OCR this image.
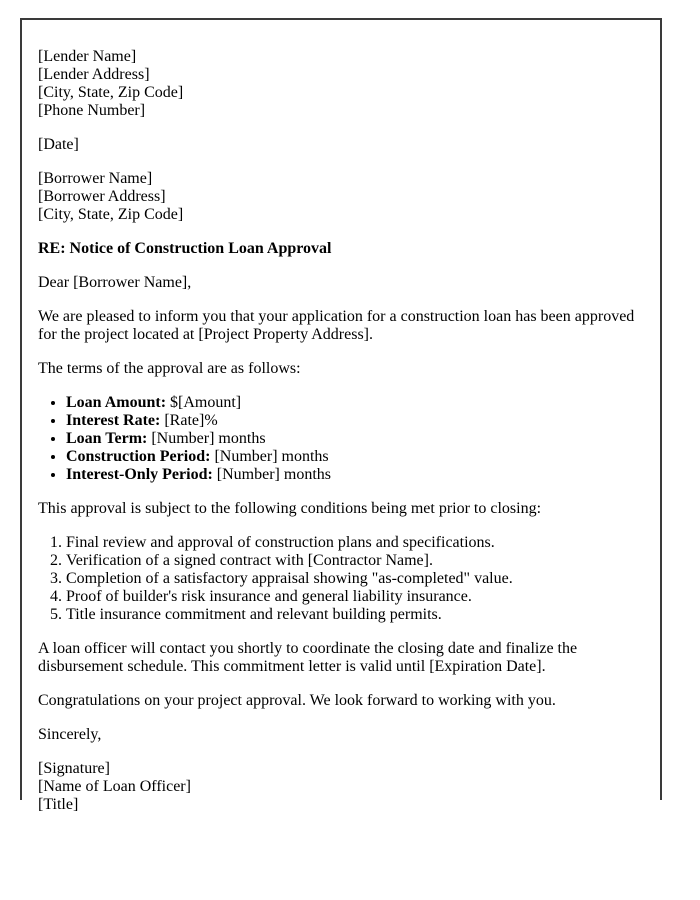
[Lender Name]
[Lender Address]
[City, State, Zip Code]
[Phone Number]

[Date]

[Borrower Name]
[Borrower Address]
[City, State, Zip Code]

RE: Notice of Construction Loan Approval

Dear [Borrower Name],

We are pleased to inform you that your application for a construction loan has been approved for the project located at [Project Property Address].

The terms of the approval are as follows:

• Loan Amount: $[Amount]
• Interest Rate: [Rate]%
• Loan Term: [Number] months
• Construction Period: [Number] months
• Interest-Only Period: [Number] months

This approval is subject to the following conditions being met prior to closing:

1. Final review and approval of construction plans and specifications.
2. Verification of a signed contract with [Contractor Name].
3. Completion of a satisfactory appraisal showing "as-completed" value.
4. Proof of builder's risk insurance and general liability insurance.
5. Title insurance commitment and relevant building permits.

A loan officer will contact you shortly to coordinate the closing date and finalize the disbursement schedule. This commitment letter is valid until [Expiration Date].

Congratulations on your project approval. We look forward to working with you.

Sincerely,

[Signature]
[Name of Loan Officer]
[Title]
